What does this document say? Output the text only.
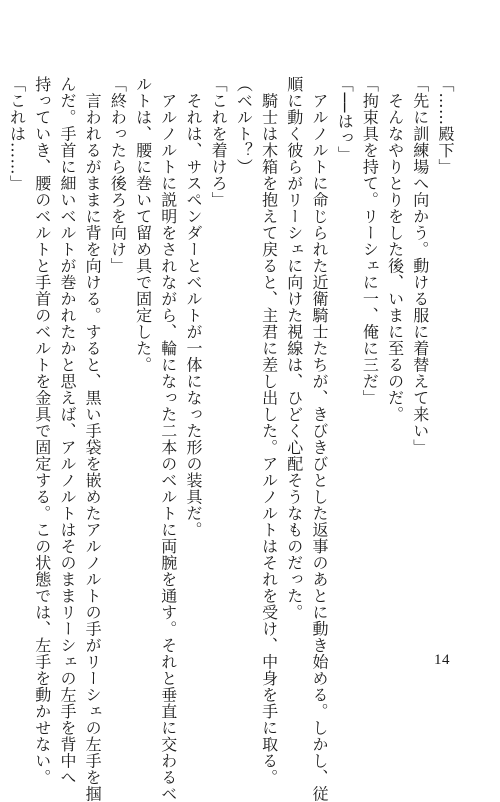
「……殿下」
「先に訓練場へ向かう。動ける服に着替えて来い」
　そんなやりとりをした後、いまに至るのだ。
「拘束具を持て。リーシェに一、俺に三だ」
「──はっ」
　アルノルトに命じられた近衛騎士たちが、きびきびとした返事のあとに動き始める。しかし、従
順に動く彼らがリーシェに向けた視線は、ひどく心配そうなものだった。
　騎士は木箱を抱えて戻ると、主君に差し出した。アルノルトはそれを受け、中身を手に取る。
（ベルト？）
「これを着けろ」
　それは、サスペンダーとベルトが一体になった形の装具だ。
　アルノルトに説明をされながら、輪になった二本のベルトに両腕を通す。それと垂直に交わるベ
ルトは、腰に巻いて留め具で固定した。
「終わったら後ろを向け」
　言われるがままに背を向ける。すると、黒い手袋を嵌めたアルノルトの手がリーシェの左手を掴
んだ。手首に細いベルトが巻かれたかと思えば、アルノルトはそのままリーシェの左手を背中へ
持っていき、腰のベルトと手首のベルトを金具で固定する。この状態では、左手を動かせない。
「これは……」
14
